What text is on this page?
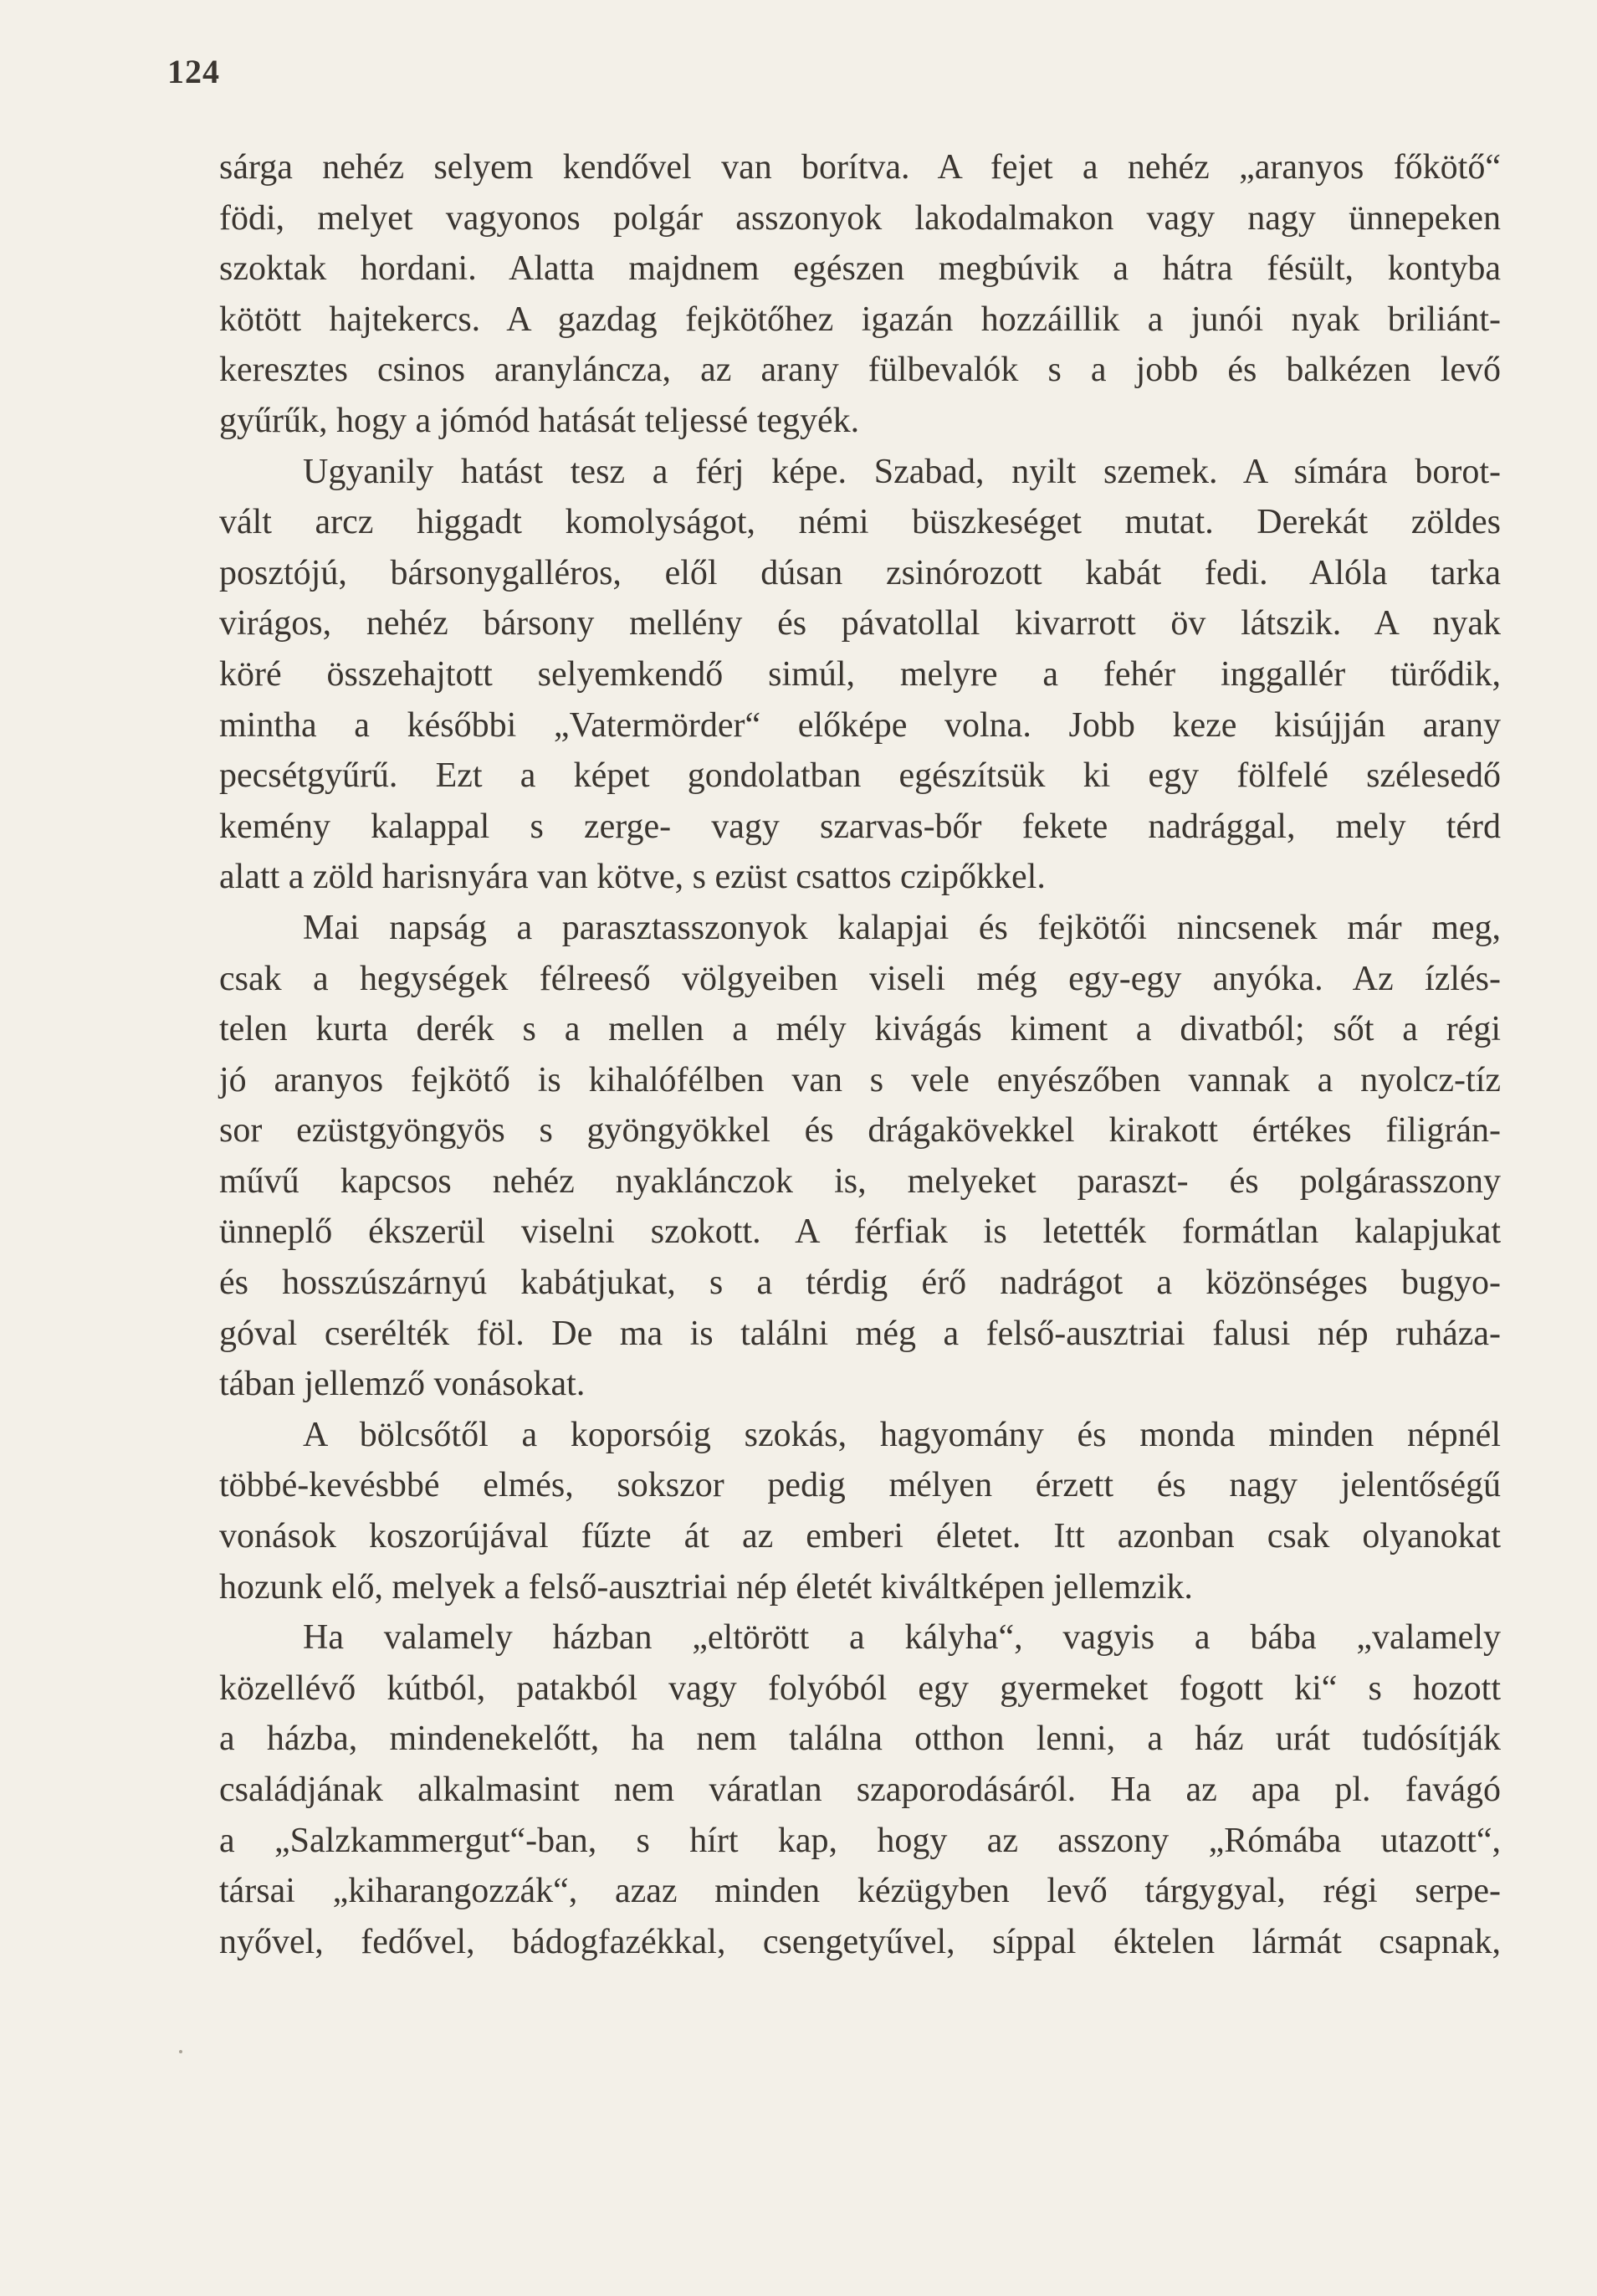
124
sárga nehéz selyem kendővel van borítva. A fejet a nehéz „aranyos főkötő“
födi, melyet vagyonos polgár asszonyok lakodalmakon vagy nagy ünnepeken
szoktak hordani. Alatta majdnem egészen megbúvik a hátra fésült, kontyba
kötött hajtekercs. A gazdag fejkötőhez igazán hozzáillik a junói nyak briliánt-
keresztes csinos aranyláncza, az arany fülbevalók s a jobb és balkézen levő
gyűrűk, hogy a jómód hatását teljessé tegyék.
Ugyanily hatást tesz a férj képe. Szabad, nyilt szemek. A símára borot-
vált arcz higgadt komolyságot, némi büszkeséget mutat. Derekát zöldes
posztójú, bársonygalléros, elől dúsan zsinórozott kabát fedi. Alóla tarka
virágos, nehéz bársony mellény és pávatollal kivarrott öv látszik. A nyak
köré összehajtott selyemkendő simúl, melyre a fehér inggallér türődik,
mintha a későbbi „Vatermörder“ előképe volna. Jobb keze kisújján arany
pecsétgyűrű. Ezt a képet gondolatban egészítsük ki egy fölfelé szélesedő
kemény kalappal s zerge- vagy szarvas-bőr fekete nadrággal, mely térd
alatt a zöld harisnyára van kötve, s ezüst csattos czipőkkel.
Mai napság a parasztasszonyok kalapjai és fejkötői nincsenek már meg,
csak a hegységek félreeső völgyeiben viseli még egy-egy anyóka. Az ízlés-
telen kurta derék s a mellen a mély kivágás kiment a divatból; sőt a régi
jó aranyos fejkötő is kihalófélben van s vele enyészőben vannak a nyolcz-tíz
sor ezüstgyöngyös s gyöngyökkel és drágakövekkel kirakott értékes filigrán-
művű kapcsos nehéz nyaklánczok is, melyeket paraszt- és polgárasszony
ünneplő ékszerül viselni szokott. A férfiak is letették formátlan kalapjukat
és hosszúszárnyú kabátjukat, s a térdig érő nadrágot a közönséges bugyo-
góval cserélték föl. De ma is találni még a felső-ausztriai falusi nép ruháza-
tában jellemző vonásokat.
A bölcsőtől a koporsóig szokás, hagyomány és monda minden népnél
többé-kevésbbé elmés, sokszor pedig mélyen érzett és nagy jelentőségű
vonások koszorújával fűzte át az emberi életet. Itt azonban csak olyanokat
hozunk elő, melyek a felső-ausztriai nép életét kiváltképen jellemzik.
Ha valamely házban „eltörött a kályha“, vagyis a bába „valamely
közellévő kútból, patakból vagy folyóból egy gyermeket fogott ki“ s hozott
a házba, mindenekelőtt, ha nem találna otthon lenni, a ház urát tudósítják
családjának alkalmasint nem váratlan szaporodásáról. Ha az apa pl. favágó
a „Salzkammergut“-ban, s hírt kap, hogy az asszony „Rómába utazott“,
társai „kiharangozzák“, azaz minden kézügyben levő tárgygyal, régi serpe-
nyővel, fedővel, bádogfazékkal, csengetyűvel, síppal éktelen lármát csapnak,
